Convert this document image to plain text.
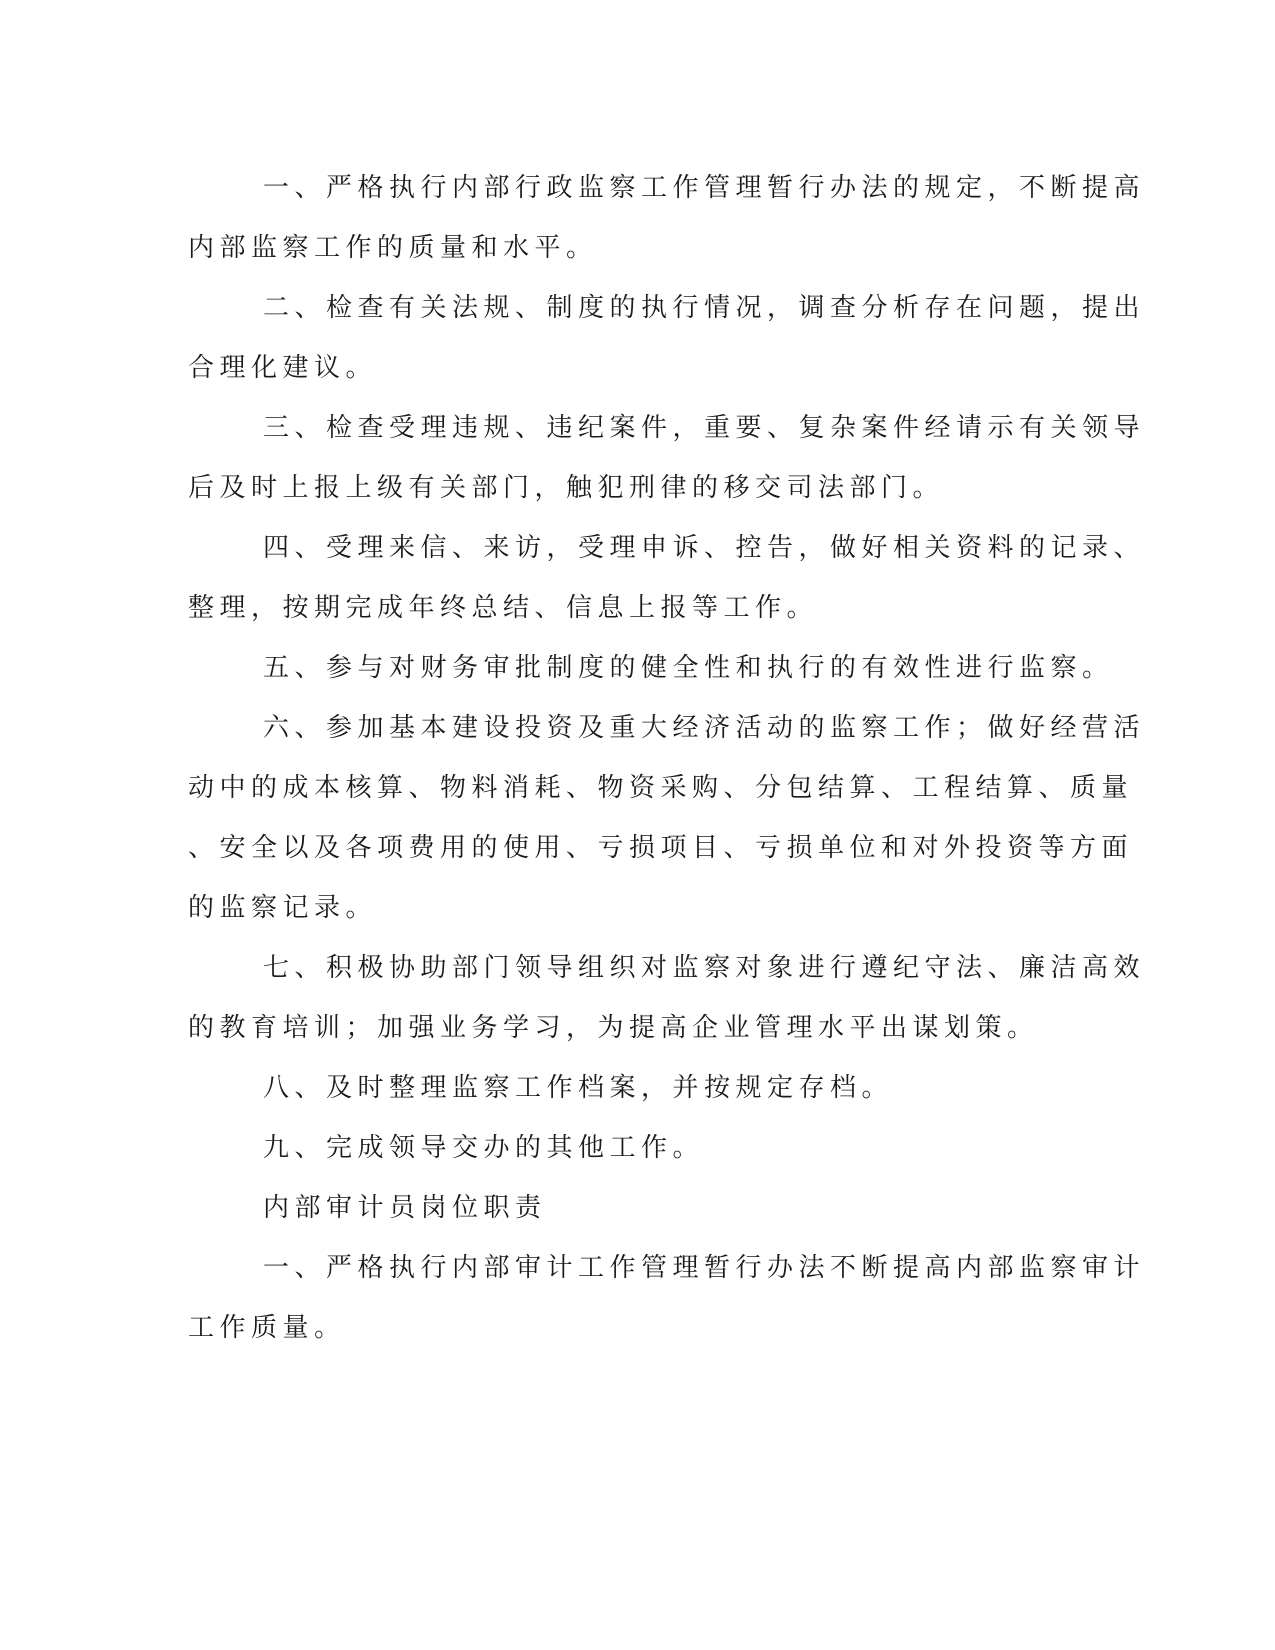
一、严格执行内部行政监察工作管理暂行办法的规定，不断提高
内部监察工作的质量和水平。
二、检查有关法规、制度的执行情况，调查分析存在问题，提出
合理化建议。
三、检查受理违规、违纪案件，重要、复杂案件经请示有关领导
后及时上报上级有关部门，触犯刑律的移交司法部门。
四、受理来信、来访，受理申诉、控告，做好相关资料的记录、
整理，按期完成年终总结、信息上报等工作。
五、参与对财务审批制度的健全性和执行的有效性进行监察。
六、参加基本建设投资及重大经济活动的监察工作；做好经营活
动中的成本核算、物料消耗、物资采购、分包结算、工程结算、质量
、安全以及各项费用的使用、亏损项目、亏损单位和对外投资等方面
的监察记录。
七、积极协助部门领导组织对监察对象进行遵纪守法、廉洁高效
的教育培训；加强业务学习，为提高企业管理水平出谋划策。
八、及时整理监察工作档案，并按规定存档。
九、完成领导交办的其他工作。
内部审计员岗位职责
一、严格执行内部审计工作管理暂行办法不断提高内部监察审计
工作质量。
